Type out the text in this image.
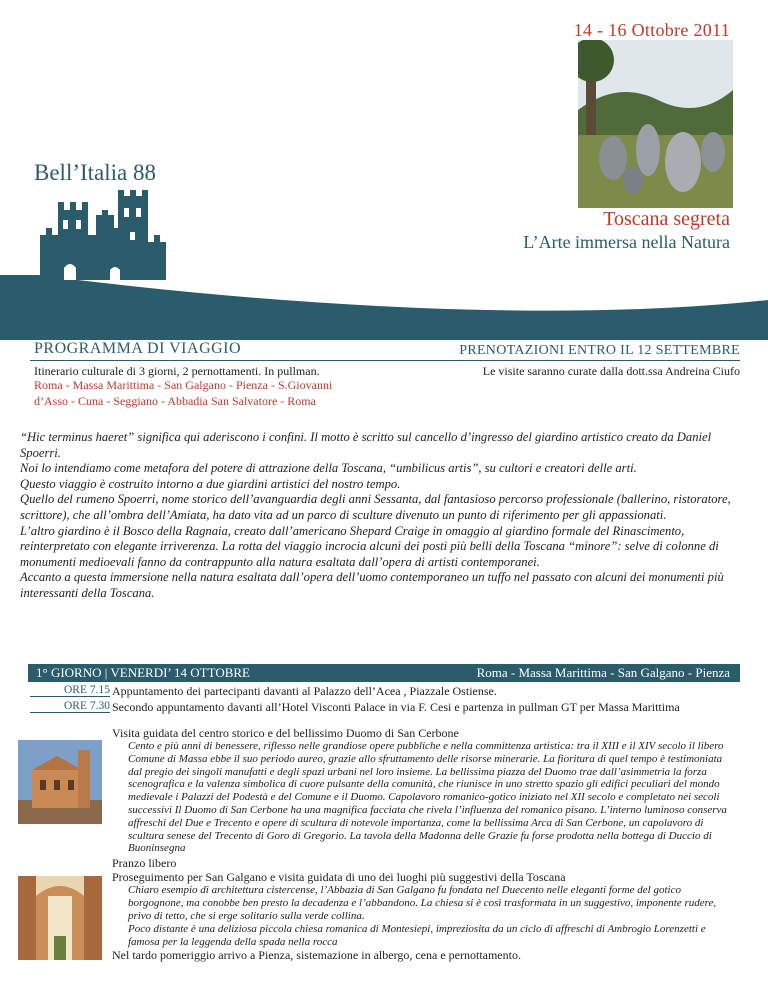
14 - 16 Ottobre 2011
Bell’Italia 88
Toscana segreta
L’Arte immersa nella Natura
PROGRAMMA DI VIAGGIO	PRENOTAZIONI ENTRO IL 12 SETTEMBRE
Itinerario culturale di 3 giorni, 2 pernottamenti. In pullman.
Roma - Massa Marittima - San Galgano - Pienza - S.Giovanni
d’Asso - Cuna - Seggiano - Abbadia San Salvatore - Roma
Le visite saranno curate dalla dott.ssa Andreina Ciufo

“Hic terminus haeret” significa qui aderiscono i confini. Il motto è scritto sul cancello d’ingresso del giardino artistico creato da Daniel Spoerri.

Noi lo intendiamo come metafora del potere di attrazione della Toscana, “umbilicus artis”, su cultori e creatori delle arti.

Questo viaggio è costruito intorno a due giardini artistici del nostro tempo.

Quello del rumeno Spoerri, nome storico dell’avanguardia degli anni Sessanta, dal fantasioso percorso professionale (ballerino, ristoratore, scrittore), che all’ombra dell’Amiata, ha dato vita ad un parco di sculture divenuto un punto di riferimento per gli appassionati.

L’altro giardino è il Bosco della Ragnaia, creato dall’americano Shepard Craige in omaggio al giardino formale del Rinascimento, reinterpretato con elegante irriverenza. La rotta del viaggio incrocia alcuni dei posti più belli della Toscana “minore”: selve di colonne di monumenti medioevali fanno da contrappunto alla natura esaltata dall’opera di artisti contemporanei.

Accanto a questa immersione nella natura esaltata dall’opera dell’uomo contemporaneo un tuffo nel passato con alcuni dei monumenti più interessanti della Toscana.

1° GIORNO | VENERDI’ 14 OTTOBRE	Roma - Massa Marittima - San Galgano - Pienza
ORE 7.15 Appuntamento dei partecipanti davanti al Palazzo dell’Acea , Piazzale Ostiense.
ORE 7.30 Secondo appuntamento davanti all’Hotel Visconti Palace in via F. Cesi e partenza in pullman GT per Massa Marittima
Visita guidata del centro storico e del bellissimo Duomo di San Cerbone
Cento e più anni di benessere, riflesso nelle grandiose opere pubbliche e nella committenza artistica: tra il XIII e il XIV secolo il libero Comune di Massa ebbe il suo periodo aureo, grazie allo sfruttamento delle risorse minerarie. La fioritura di quel tempo è testimoniata dal pregio dei singoli manufatti e degli spazi urbani nel loro insieme. La bellissima piazza del Duomo trae dall’asimmetria la forza scenografica e la valenza simbolica di cuore pulsante della comunità, che riunisce in uno stretto spazio gli edifici peculiari del mondo medievale i Palazzi del Podestà e del Comune e il Duomo. Capolavoro romanico-gotico iniziato nel XII secolo e completato nei secoli successivi Il Duomo di San Cerbone ha una magnifica facciata che rivela l’influenza del romanico pisano. L’interno luminoso conserva affreschi del Due e Trecento e opere di scultura di notevole importanza, come la bellissima Arca di San Cerbone, un capolavoro di scultura senese del Trecento di Goro di Gregorio. La tavola della Madonna delle Grazie fu forse prodotta nella bottega di Duccio di Buoninsegna
Pranzo libero
Proseguimento per San Galgano e visita guidata di uno dei luoghi più suggestivi della Toscana
Chiaro esempio di architettura cistercense, l’Abbazia di San Galgano fu fondata nel Duecento nelle eleganti forme del gotico borgognone, ma conobbe ben presto la decadenza e l’abbandono. La chiesa si è così trasformata in un suggestivo, imponente rudere, privo di tetto, che si erge solitario sulla verde collina.
Poco distante è una deliziosa piccola chiesa romanica di Montesiepi, impreziosita da un ciclo di affreschi di Ambrogio Lorenzetti e famosa per la leggenda della spada nella rocca
Nel tardo pomeriggio arrivo a Pienza, sistemazione in albergo, cena e pernottamento.
